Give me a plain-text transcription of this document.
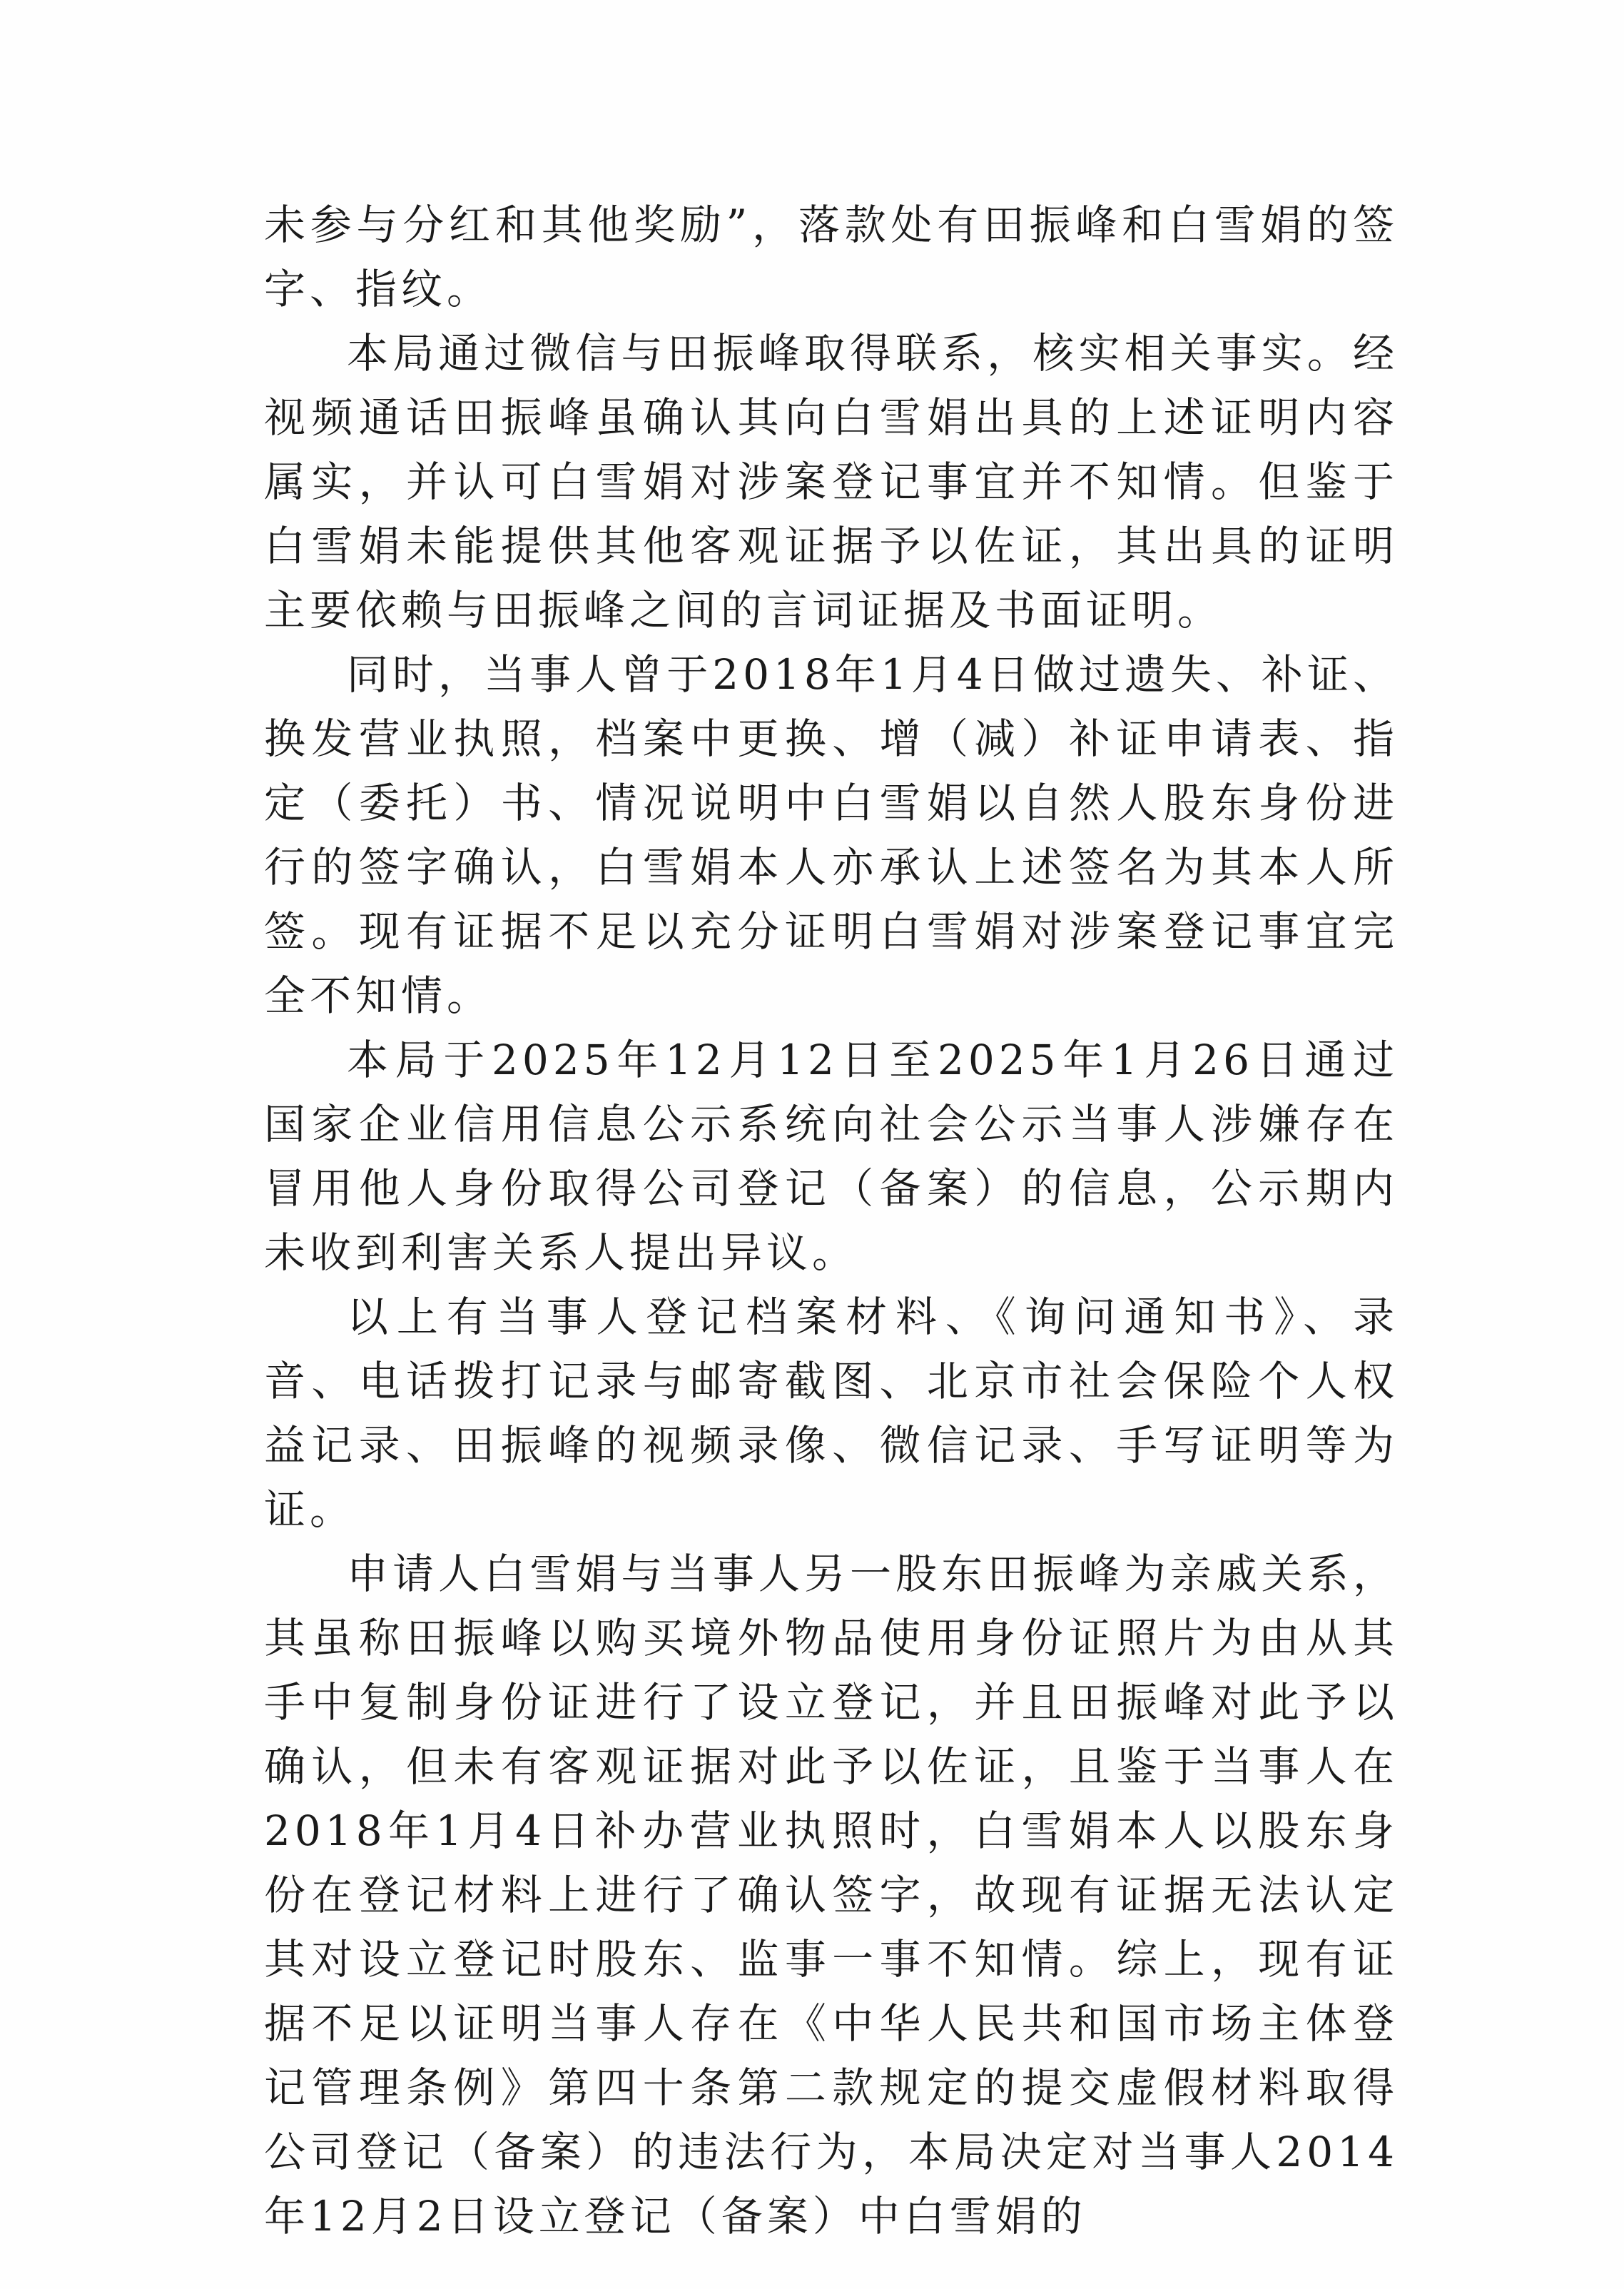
未参与分红和其他奖励”，落款处有田振峰和白雪娟的签字、指纹。

本局通过微信与田振峰取得联系，核实相关事实。经视频通话田振峰虽确认其向白雪娟出具的上述证明内容属实，并认可白雪娟对涉案登记事宜并不知情。但鉴于白雪娟未能提供其他客观证据予以佐证，其出具的证明主要依赖与田振峰之间的言词证据及书面证明。

同时，当事人曾于2018年1月4日做过遗失、补证、换发营业执照，档案中更换、增（减）补证申请表、指定（委托）书、情况说明中白雪娟以自然人股东身份进行的签字确认，白雪娟本人亦承认上述签名为其本人所签。现有证据不足以充分证明白雪娟对涉案登记事宜完全不知情。

本局于2025年12月12日至2025年1月26日通过国家企业信用信息公示系统向社会公示当事人涉嫌存在冒用他人身份取得公司登记（备案）的信息，公示期内未收到利害关系人提出异议。

以上有当事人登记档案材料、《询问通知书》、录音、电话拨打记录与邮寄截图、北京市社会保险个人权益记录、田振峰的视频录像、微信记录、手写证明等为证。

申请人白雪娟与当事人另一股东田振峰为亲戚关系，其虽称田振峰以购买境外物品使用身份证照片为由从其手中复制身份证进行了设立登记，并且田振峰对此予以确认，但未有客观证据对此予以佐证，且鉴于当事人在2018年1月4日补办营业执照时，白雪娟本人以股东身份在登记材料上进行了确认签字，故现有证据无法认定其对设立登记时股东、监事一事不知情。综上，现有证据不足以证明当事人存在《中华人民共和国市场主体登记管理条例》第四十条第二款规定的提交虚假材料取得公司登记（备案）的违法行为，本局决定对当事人2014年12月2日设立登记（备案）中白雪娟的
